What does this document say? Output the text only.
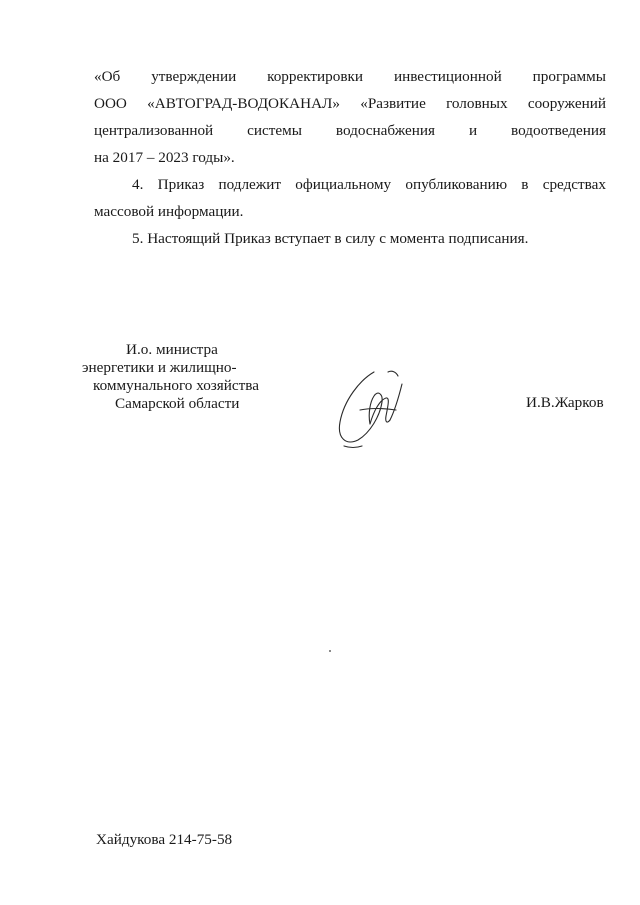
«Об утверждении корректировки инвестиционной программы
ООО «АВТОГРАД-ВОДОКАНАЛ» «Развитие головных сооружений
централизованной системы водоснабжения и водоотведения
на 2017 – 2023 годы».
4. Приказ подлежит официальному опубликованию в средствах
массовой информации.
5. Настоящий Приказ вступает в силу с момента подписания.
И.о. министра
энергетики и жилищно-
коммунального хозяйства
Самарской области	И.В.Жарков
Хайдукова 214-75-58
